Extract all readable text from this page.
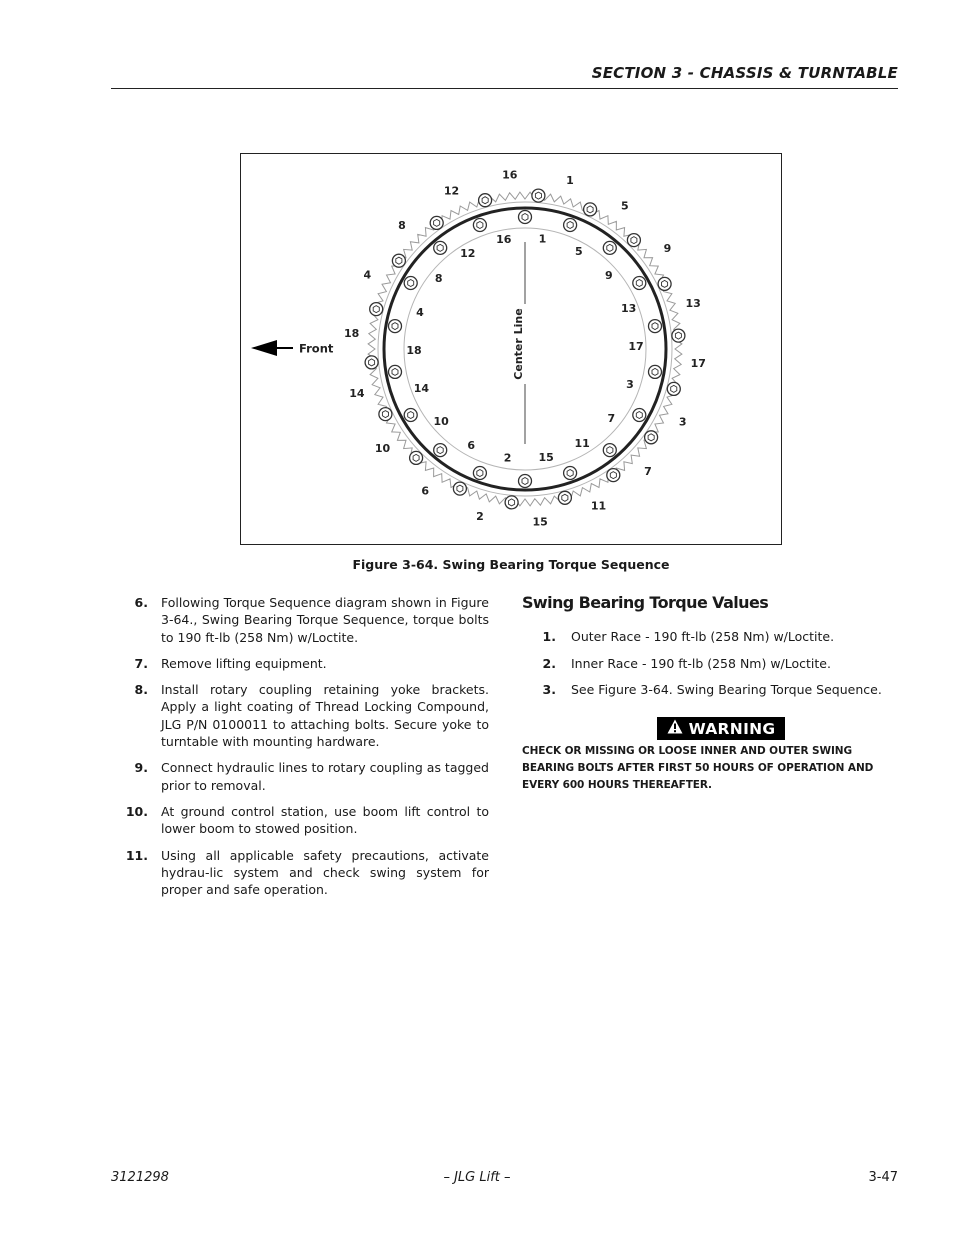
SECTION 3 - CHASSIS & TURNTABLE
16	1
5
9
13
17
3
7
11
15
2
6
10
14
18
4
8
12
1
5
9
13
17
3
7
11
15
2
6
10
14
18
4
8
12
16
Center Line
Front
Figure 3-64. Swing Bearing Torque Sequence
6. Following Torque Sequence diagram shown in Figure 3-64., Swing Bearing Torque Sequence, torque bolts to 190 ft-lb (258 Nm) w/Loctite.
7. Remove lifting equipment.
8. Install rotary coupling retaining yoke brackets. Apply a light coating of Thread Locking Compound, JLG P/N 0100011 to attaching bolts. Secure yoke to turntable with mounting hardware.
9. Connect hydraulic lines to rotary coupling as tagged prior to removal.
10. At ground control station, use boom lift control to lower boom to stowed position.
11. Using all applicable safety precautions, activate hydrau-lic system and check swing system for proper and safe operation.
Swing Bearing Torque Values
1. Outer Race - 190 ft-lb (258 Nm) w/Loctite.
2. Inner Race - 190 ft-lb (258 Nm) w/Loctite.
3. See Figure 3-64. Swing Bearing Torque Sequence.
WARNING
CHECK OR MISSING OR LOOSE INNER AND OUTER SWING BEARING BOLTS AFTER FIRST 50 HOURS OF OPERATION AND EVERY 600 HOURS THEREAFTER.
3121298	– JLG Lift –	3-47
